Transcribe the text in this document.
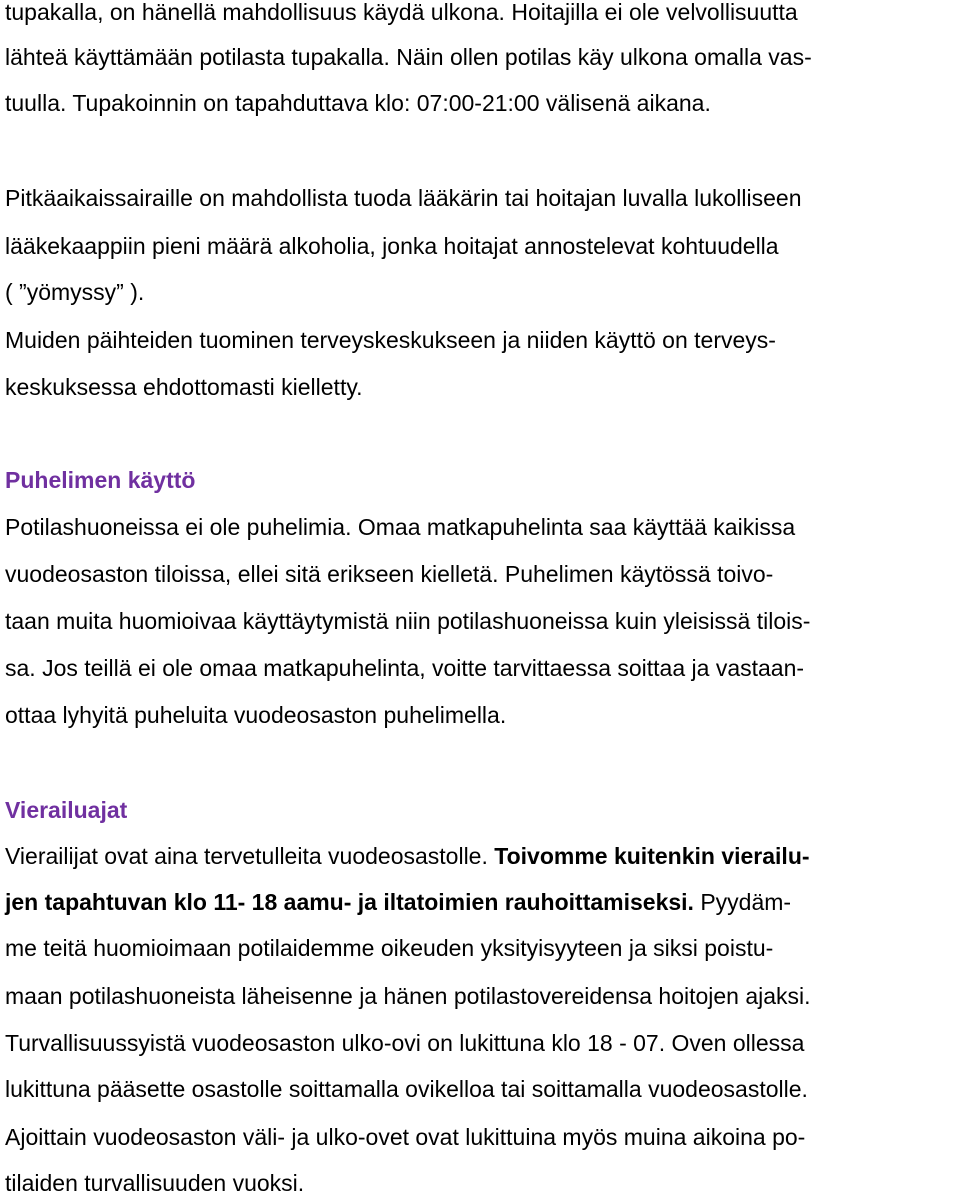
tupakalla, on hänellä mahdollisuus käydä ulkona. Hoitajilla ei ole velvollisuutta
lähteä käyttämään potilasta tupakalla. Näin ollen potilas käy ulkona omalla vas-
tuulla. Tupakoinnin on tapahduttava klo: 07:00-21:00 välisenä aikana.
Pitkäaikaissairaille on mahdollista tuoda lääkärin tai hoitajan luvalla lukolliseen
lääkekaappiin pieni määrä alkoholia, jonka hoitajat annostelevat kohtuudella
( ”yömyssy” ).
Muiden päihteiden tuominen terveyskeskukseen ja niiden käyttö on terveys-
keskuksessa ehdottomasti kielletty.
Puhelimen käyttö
Potilashuoneissa ei ole puhelimia. Omaa matkapuhelinta saa käyttää kaikissa
vuodeosaston tiloissa, ellei sitä erikseen kielletä. Puhelimen käytössä toivo-
taan muita huomioivaa käyttäytymistä niin potilashuoneissa kuin yleisissä tilois-
sa. Jos teillä ei ole omaa matkapuhelinta, voitte tarvittaessa soittaa ja vastaan-
ottaa lyhyitä puheluita vuodeosaston puhelimella.
Vierailuajat
Vierailijat ovat aina tervetulleita vuodeosastolle. Toivomme kuitenkin vierailu-
jen tapahtuvan klo 11- 18 aamu- ja iltatoimien rauhoittamiseksi. Pyydäm-
me teitä huomioimaan potilaidemme oikeuden yksityisyyteen ja siksi poistu-
maan potilashuoneista läheisenne ja hänen potilastovereidensa hoitojen ajaksi.
Turvallisuussyistä vuodeosaston ulko-ovi on lukittuna klo 18 - 07. Oven ollessa
lukittuna pääsette osastolle soittamalla ovikelloa tai soittamalla vuodeosastolle.
Ajoittain vuodeosaston väli- ja ulko-ovet ovat lukittuina myös muina aikoina po-
tilaiden turvallisuuden vuoksi.
